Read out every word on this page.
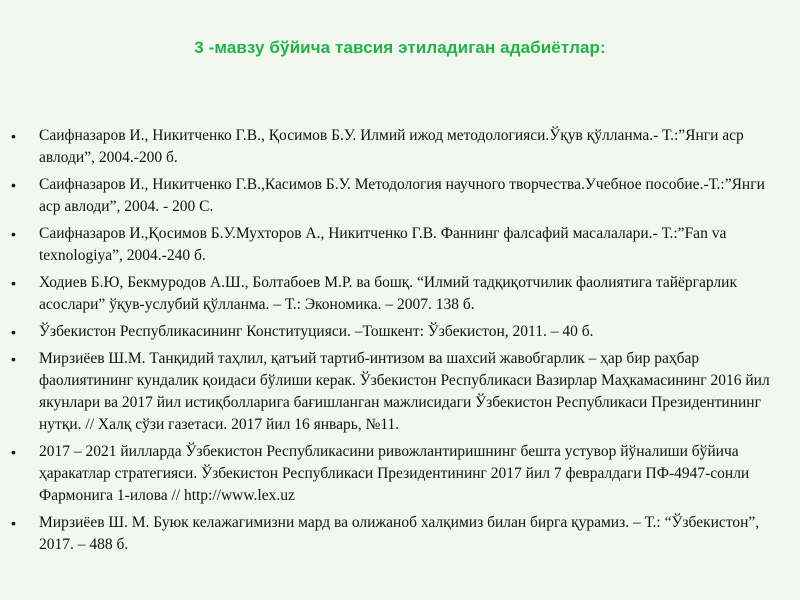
3 -мавзу бўйича тавсия этиладиган адабиётлар:
• Саифназаров И., Никитченко Г.В., Қосимов Б.У. Илмий ижод методологияси.Ўқув қўлланма.- Т.:”Янги аср авлоди”, 2004.-200 б.
• Саифназаров И., Никитченко Г.В.,Касимов Б.У. Методология научного творчества.Учебное пособие.-Т.:”Янги аср авлоди”, 2004. - 200 С.
• Саифназаров И.,Қосимов Б.У.Мухторов А., Никитченко Г.В. Фаннинг фалсафий масалалари.- Т.:”Fan va texnologiya”, 2004.-240 б.
• Ходиев Б.Ю, Бекмуродов А.Ш., Болтабоев М.Р. ва бошқ. “Илмий тадқиқотчилик фаолиятига тайёргарлик асослари” ўқув-услубий қўлланма. – Т.: Экономика. – 2007. 138 б.
• Ўзбекистон Республикасининг Конституцияси. –Тошкент: Ўзбекистон, 2011. – 40 б.
• Мирзиёев Ш.М. Танқидий таҳлил, қатъий тартиб-интизом ва шахсий жавобгарлик – ҳар бир раҳбар фаолиятининг кундалик қоидаси бўлиши керак. Ўзбекистон Республикаси Вазирлар Маҳкамасининг 2016 йил якунлари ва 2017 йил истиқболларига бағишланган мажлисидаги Ўзбекистон Республикаси Президентининг нутқи. // Халқ сўзи газетаси. 2017 йил 16 январь, №11.
• 2017 – 2021 йилларда Ўзбекистон Республикасини ривожлантиришнинг бешта устувор йўналиши бўйича ҳаракатлар стратегияси. Ўзбекистон Республикаси Президентининг 2017 йил 7 февралдаги ПФ-4947-сонли Фармонига 1-илова // http://www.lex.uz
• Мирзиёев Ш. М. Буюк келажагимизни мард ва олижаноб халқимиз билан бирга қурамиз. – Т.: “Ўзбекистон”, 2017. – 488 б.
